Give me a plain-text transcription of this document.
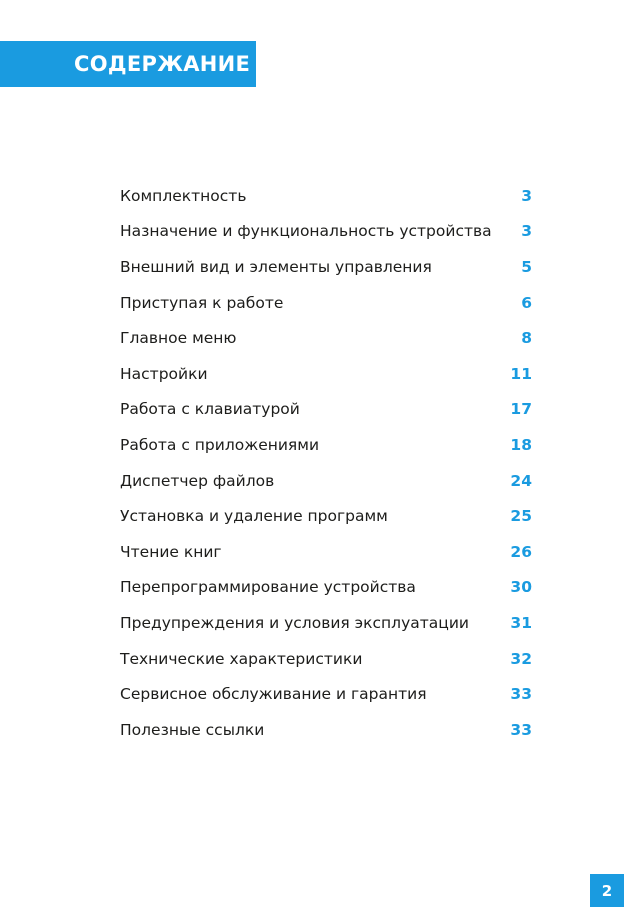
СОДЕРЖАНИЕ
Комплектность	3
Назначение и функциональность устройства	3
Внешний вид и элементы управления	5
Приступая к работе	6
Главное меню	8
Настройки	11
Работа с клавиатурой	17
Работа с приложениями	18
Диспетчер файлов	24
Установка и удаление программ	25
Чтение книг	26
Перепрограммирование устройства	30
Предупреждения и условия эксплуатации	31
Технические характеристики	32
Сервисное обслуживание и гарантия	33
Полезные ссылки	33
2
